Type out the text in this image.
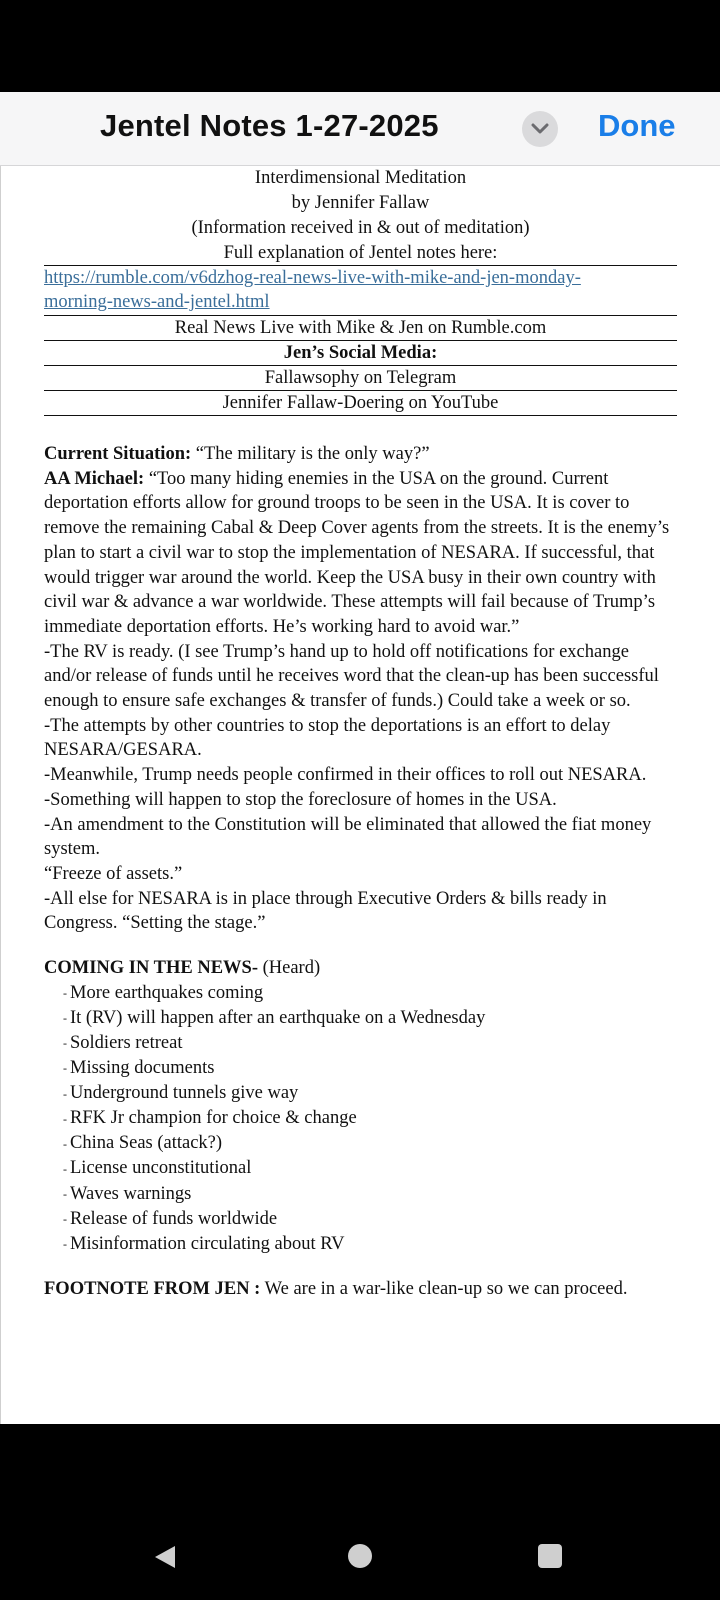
Jentel Notes 1-27-2025	Done
Interdimensional Meditation
by Jennifer Fallaw
(Information received in & out of meditation)
Full explanation of Jentel notes here:
https://rumble.com/v6dzhog-real-news-live-with-mike-and-jen-monday-
morning-news-and-jentel.html
Real News Live with Mike & Jen on Rumble.com
Jen’s Social Media:
Fallawsophy on Telegram
Jennifer Fallaw-Doering on YouTube

Current Situation: “The military is the only way?”

AA Michael: “Too many hiding enemies in the USA on the ground. Current deportation efforts allow for ground troops to be seen in the USA. It is cover to remove the remaining Cabal & Deep Cover agents from the streets. It is the enemy’s plan to start a civil war to stop the implementation of NESARA. If successful, that would trigger war around the world. Keep the USA busy in their own country with civil war & advance a war worldwide. These attempts will fail because of Trump’s immediate deportation efforts. He’s working hard to avoid war.”

-The RV is ready. (I see Trump’s hand up to hold off notifications for exchange and/or release of funds until he receives word that the clean-up has been successful enough to ensure safe exchanges & transfer of funds.) Could take a week or so.

-The attempts by other countries to stop the deportations is an effort to delay NESARA/GESARA.

-Meanwhile, Trump needs people confirmed in their offices to roll out NESARA.

-Something will happen to stop the foreclosure of homes in the USA.

-An amendment to the Constitution will be eliminated that allowed the fiat money system.

“Freeze of assets.”

-All else for NESARA is in place through Executive Orders & bills ready in Congress. “Setting the stage.”

COMING IN THE NEWS- (Heard)

- More earthquakes coming
- It (RV) will happen after an earthquake on a Wednesday
- Soldiers retreat
- Missing documents
- Underground tunnels give way
- RFK Jr champion for choice & change
- China Seas (attack?)
- License unconstitutional
- Waves warnings
- Release of funds worldwide
- Misinformation circulating about RV

FOOTNOTE FROM JEN : We are in a war-like clean-up so we can proceed.
